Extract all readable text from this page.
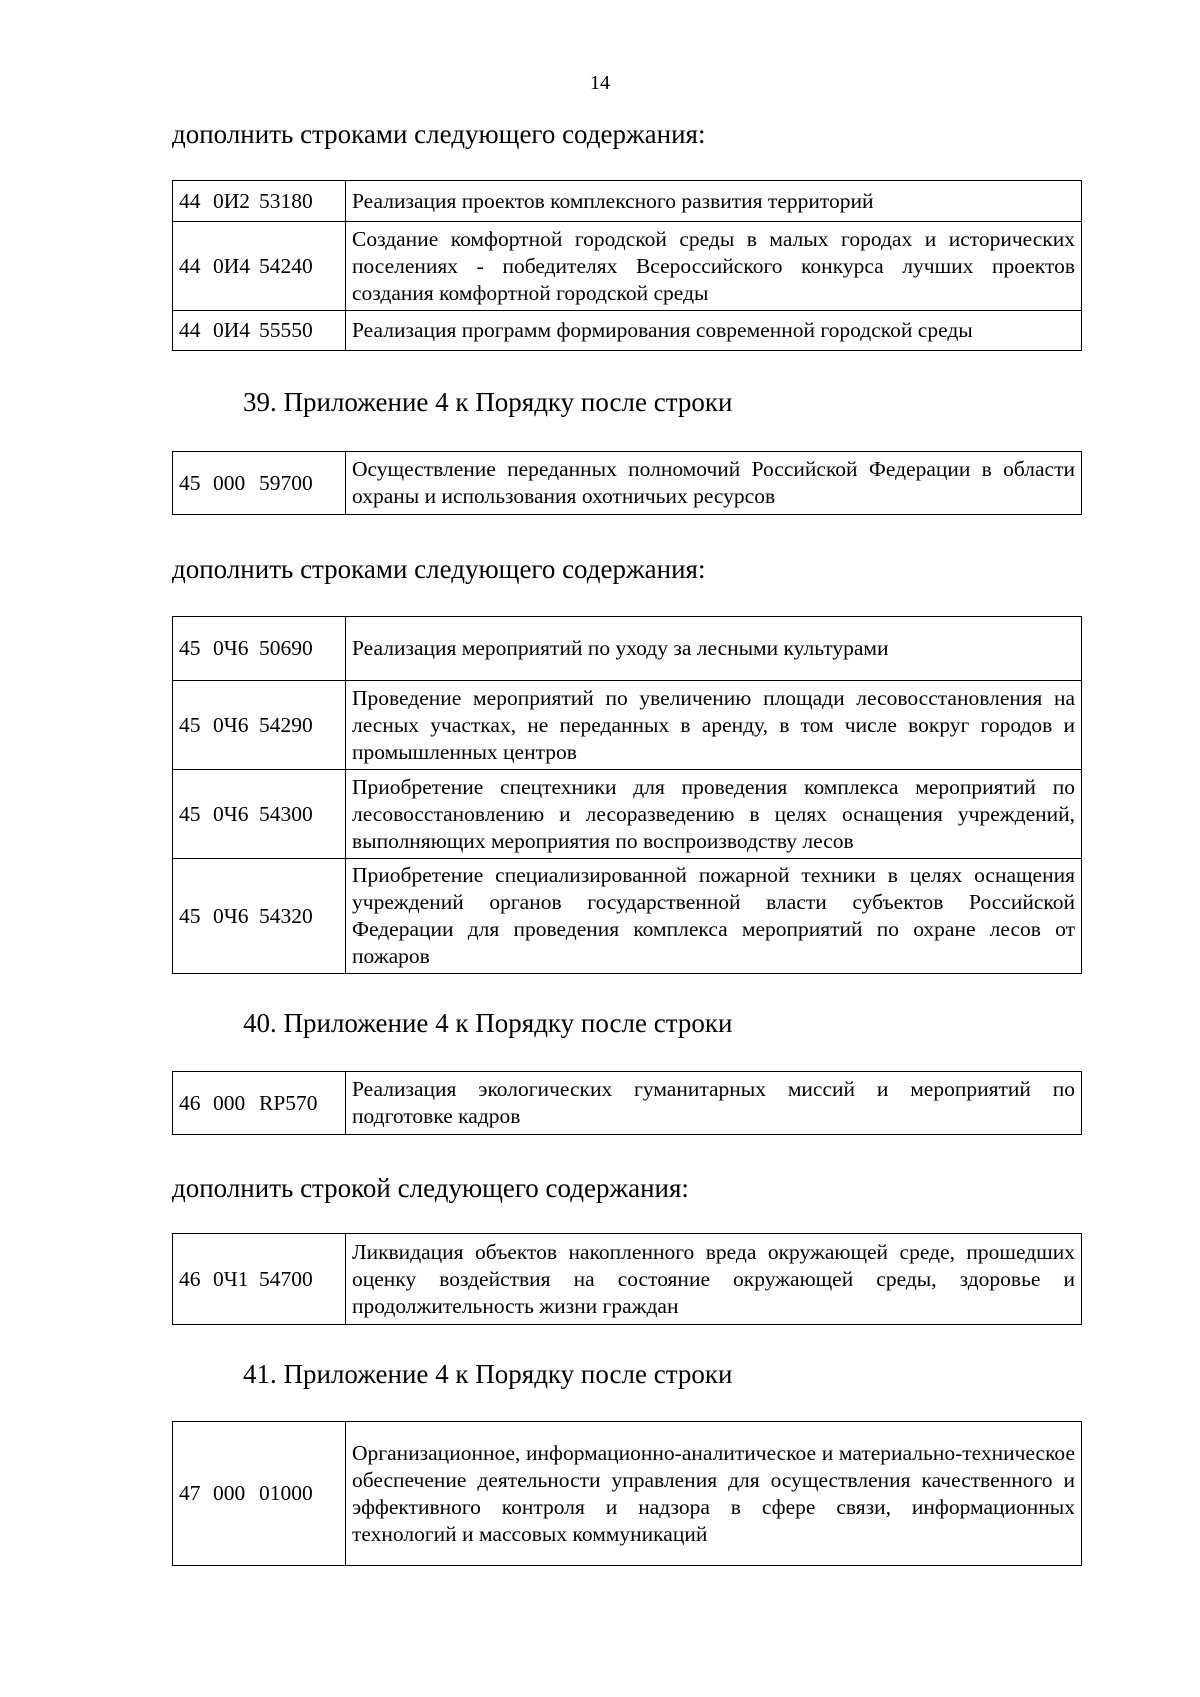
14
дополнить строками следующего содержания:
44 0И2 53180	Реализация проектов комплексного развития территорий
44 0И4 54240	Создание комфортной городской среды в малых городах и исторических поселениях - победителях Всероссийского конкурса лучших проектов создания комфортной городской среды
44 0И4 55550	Реализация программ формирования современной городской среды
39. Приложение 4 к Порядку после строки
45 000 59700	Осуществление переданных полномочий Российской Федерации в области охраны и использования охотничьих ресурсов
дополнить строками следующего содержания:
45 0Ч6 50690	Реализация мероприятий по уходу за лесными культурами
45 0Ч6 54290	Проведение мероприятий по увеличению площади лесовосстановления на лесных участках, не переданных в аренду, в том числе вокруг городов и промышленных центров
45 0Ч6 54300	Приобретение спецтехники для проведения комплекса мероприятий по лесовосстановлению и лесоразведению в целях оснащения учреждений, выполняющих мероприятия по воспроизводству лесов
45 0Ч6 54320	Приобретение специализированной пожарной техники в целях оснащения учреждений органов государственной власти субъектов Российской Федерации для проведения комплекса мероприятий по охране лесов от пожаров
40. Приложение 4 к Порядку после строки
46 000 RP570	Реализация экологических гуманитарных миссий и мероприятий по подготовке кадров
дополнить строкой следующего содержания:
46 0Ч1 54700	Ликвидация объектов накопленного вреда окружающей среде, прошедших оценку воздействия на состояние окружающей среды, здоровье и продолжительность жизни граждан
41. Приложение 4 к Порядку после строки
47 000 01000	Организационное, информационно-аналитическое и материально-техническое обеспечение деятельности управления для осуществления качественного и эффективного контроля и надзора в сфере связи, информационных технологий и массовых коммуникаций
